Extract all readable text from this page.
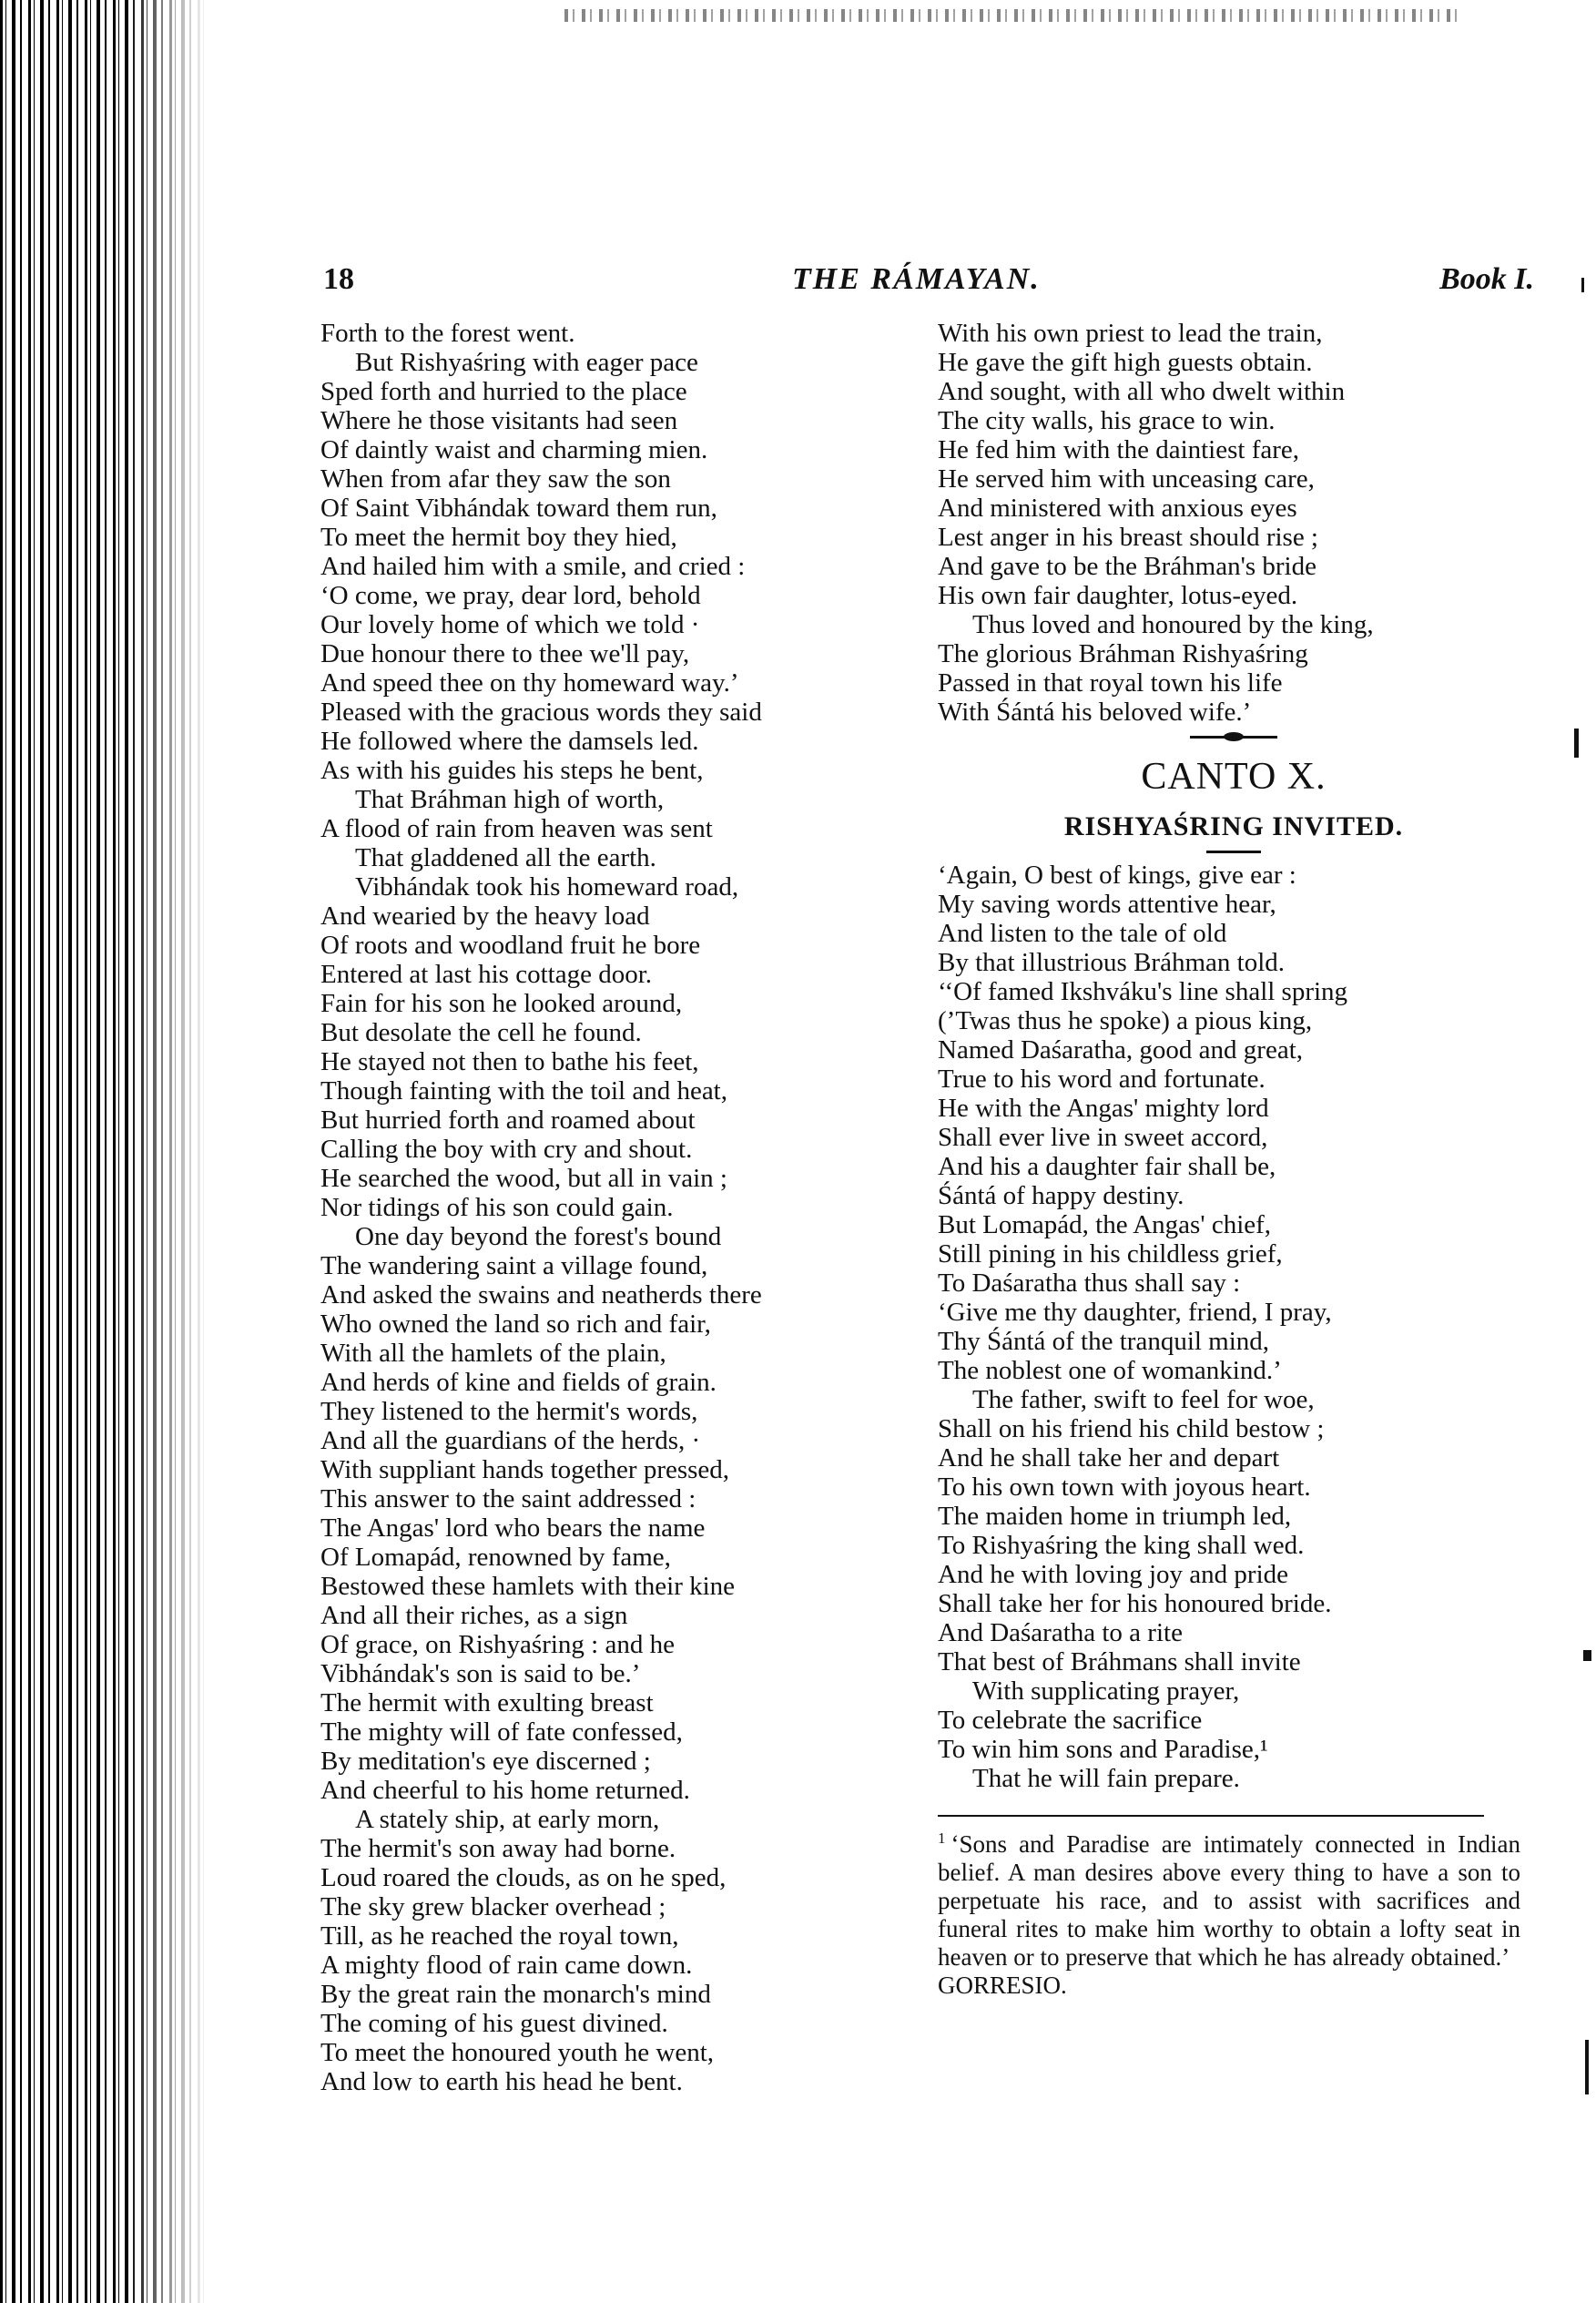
18	THE RÁMAYAN.	Book I.
Forth to the forest went.
But Rishyaśring with eager pace
Sped forth and hurried to the place
Where he those visitants had seen
Of daintly waist and charming mien.
When from afar they saw the son
Of Saint Vibhándak toward them run,
To meet the hermit boy they hied,
And hailed him with a smile, and cried :
‘O come, we pray, dear lord, behold
Our lovely home of which we told ·
Due honour there to thee we'll pay,
And speed thee on thy homeward way.’
Pleased with the gracious words they said
He followed where the damsels led.
As with his guides his steps he bent,
That Bráhman high of worth,
A flood of rain from heaven was sent
That gladdened all the earth.
Vibhándak took his homeward road,
And wearied by the heavy load
Of roots and woodland fruit he bore
Entered at last his cottage door.
Fain for his son he looked around,
But desolate the cell he found.
He stayed not then to bathe his feet,
Though fainting with the toil and heat,
But hurried forth and roamed about
Calling the boy with cry and shout.
He searched the wood, but all in vain ;
Nor tidings of his son could gain.
One day beyond the forest's bound
The wandering saint a village found,
And asked the swains and neatherds there
Who owned the land so rich and fair,
With all the hamlets of the plain,
And herds of kine and fields of grain.
They listened to the hermit's words,
And all the guardians of the herds, ·
With suppliant hands together pressed,
This answer to the saint addressed :
The Angas' lord who bears the name
Of Lomapád, renowned by fame,
Bestowed these hamlets with their kine
And all their riches, as a sign
Of grace, on Rishyaśring : and he
Vibhándak's son is said to be.’
The hermit with exulting breast
The mighty will of fate confessed,
By meditation's eye discerned ;
And cheerful to his home returned.
A stately ship, at early morn,
The hermit's son away had borne.
Loud roared the clouds, as on he sped,
The sky grew blacker overhead ;
Till, as he reached the royal town,
A mighty flood of rain came down.
By the great rain the monarch's mind
The coming of his guest divined.
To meet the honoured youth he went,
And low to earth his head he bent.
With his own priest to lead the train,
He gave the gift high guests obtain.
And sought, with all who dwelt within
The city walls, his grace to win.
He fed him with the daintiest fare,
He served him with unceasing care,
And ministered with anxious eyes
Lest anger in his breast should rise ;
And gave to be the Bráhman's bride
His own fair daughter, lotus-eyed.
Thus loved and honoured by the king,
The glorious Bráhman Rishyaśring
Passed in that royal town his life
With Śántá his beloved wife.’
CANTO X.
RISHYAŚRING INVITED.
‘Again, O best of kings, give ear :
My saving words attentive hear,
And listen to the tale of old
By that illustrious Bráhman told.
‘‘Of famed Ikshváku's line shall spring
(’Twas thus he spoke) a pious king,
Named Daśaratha, good and great,
True to his word and fortunate.
He with the Angas' mighty lord
Shall ever live in sweet accord,
And his a daughter fair shall be,
Śántá of happy destiny.
But Lomapád, the Angas' chief,
Still pining in his childless grief,
To Daśaratha thus shall say :
‘Give me thy daughter, friend, I pray,
Thy Śántá of the tranquil mind,
The noblest one of womankind.’
The father, swift to feel for woe,
Shall on his friend his child bestow ;
And he shall take her and depart
To his own town with joyous heart.
The maiden home in triumph led,
To Rishyaśring the king shall wed.
And he with loving joy and pride
Shall take her for his honoured bride.
And Daśaratha to a rite
That best of Bráhmans shall invite
With supplicating prayer,
To celebrate the sacrifice
To win him sons and Paradise,¹
That he will fain prepare.
$^1$ ‘Sons and Paradise are intimately connected in Indian belief. A man desires above every thing to have a son to perpetuate his race, and to assist with sacrifices and funeral rites to make him worthy to obtain a lofty seat in heaven or to preserve that which he has already obtained.’
GORRESIO.
